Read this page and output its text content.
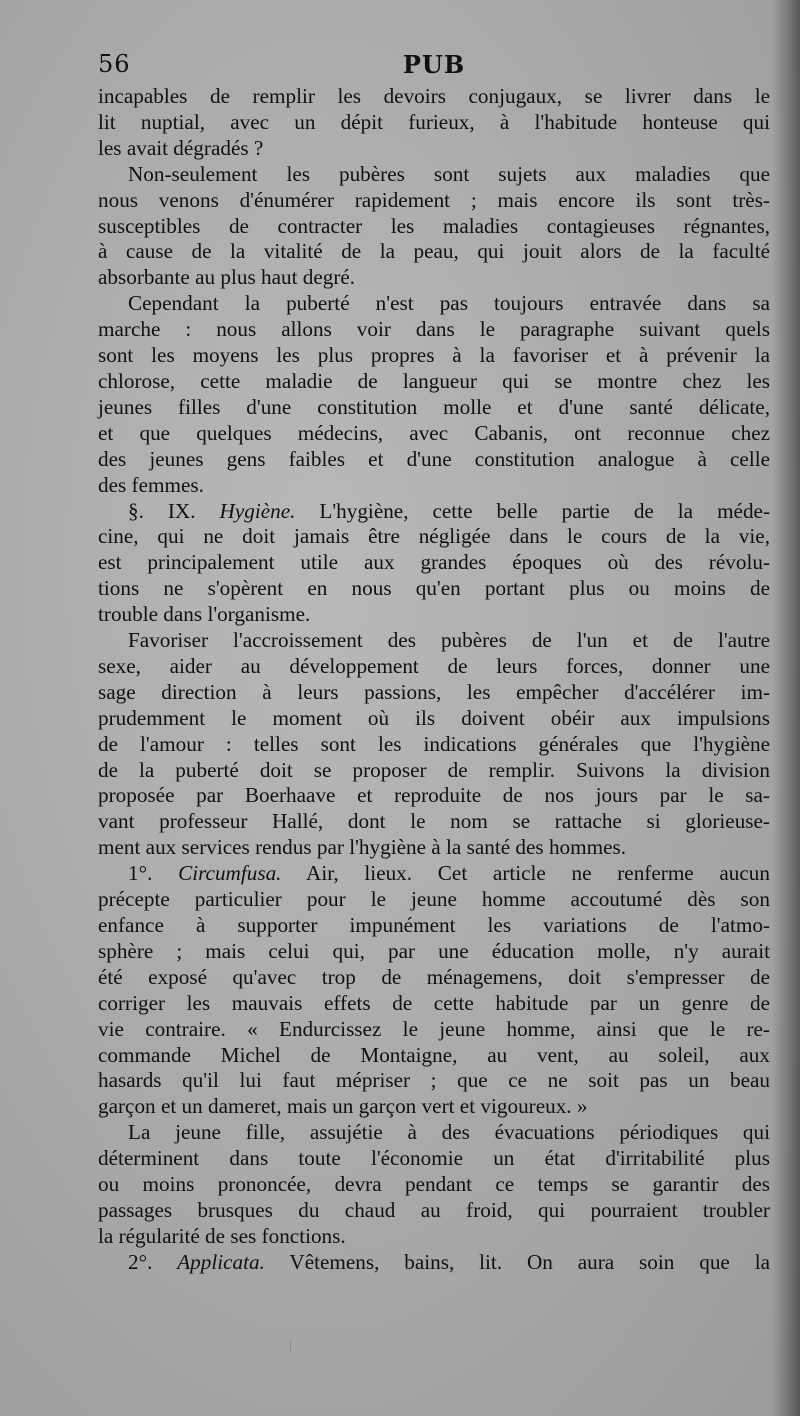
56	PUB
incapables de remplir les devoirs conjugaux, se livrer dans le
lit nuptial, avec un dépit furieux, à l'habitude honteuse qui
les avait dégradés ?
Non-seulement les pubères sont sujets aux maladies que
nous venons d'énumérer rapidement ; mais encore ils sont très-
susceptibles de contracter les maladies contagieuses régnantes,
à cause de la vitalité de la peau, qui jouit alors de la faculté
absorbante au plus haut degré.
Cependant la puberté n'est pas toujours entravée dans sa
marche : nous allons voir dans le paragraphe suivant quels
sont les moyens les plus propres à la favoriser et à prévenir la
chlorose, cette maladie de langueur qui se montre chez les
jeunes filles d'une constitution molle et d'une santé délicate,
et que quelques médecins, avec Cabanis, ont reconnue chez
des jeunes gens faibles et d'une constitution analogue à celle
des femmes.
§. IX. Hygiène. L'hygiène, cette belle partie de la méde-
cine, qui ne doit jamais être négligée dans le cours de la vie,
est principalement utile aux grandes époques où des révolu-
tions ne s'opèrent en nous qu'en portant plus ou moins de
trouble dans l'organisme.
Favoriser l'accroissement des pubères de l'un et de l'autre
sexe, aider au développement de leurs forces, donner une
sage direction à leurs passions, les empêcher d'accélérer im-
prudemment le moment où ils doivent obéir aux impulsions
de l'amour : telles sont les indications générales que l'hygiène
de la puberté doit se proposer de remplir. Suivons la division
proposée par Boerhaave et reproduite de nos jours par le sa-
vant professeur Hallé, dont le nom se rattache si glorieuse-
ment aux services rendus par l'hygiène à la santé des hommes.
1°. Circumfusa. Air, lieux. Cet article ne renferme aucun
précepte particulier pour le jeune homme accoutumé dès son
enfance à supporter impunément les variations de l'atmo-
sphère ; mais celui qui, par une éducation molle, n'y aurait
été exposé qu'avec trop de ménagemens, doit s'empresser de
corriger les mauvais effets de cette habitude par un genre de
vie contraire. « Endurcissez le jeune homme, ainsi que le re-
commande Michel de Montaigne, au vent, au soleil, aux
hasards qu'il lui faut mépriser ; que ce ne soit pas un beau
garçon et un dameret, mais un garçon vert et vigoureux. »
La jeune fille, assujétie à des évacuations périodiques qui
déterminent dans toute l'économie un état d'irritabilité plus
ou moins prononcée, devra pendant ce temps se garantir des
passages brusques du chaud au froid, qui pourraient troubler
la régularité de ses fonctions.
2°. Applicata. Vêtemens, bains, lit. On aura soin que la
